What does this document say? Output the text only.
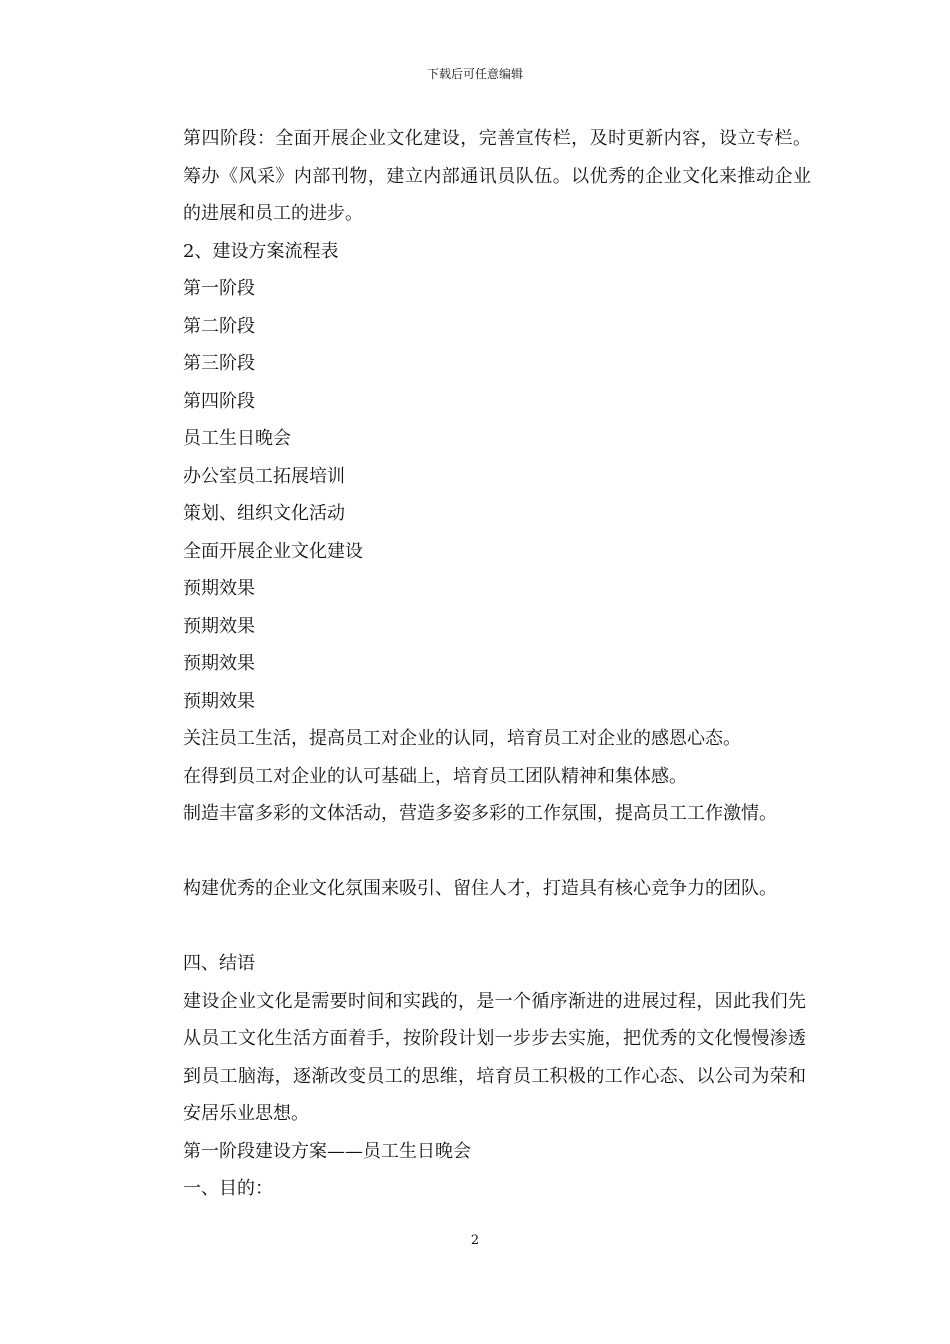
下载后可任意编辑

第四阶段：全面开展企业文化建设，完善宣传栏，及时更新内容，设立专栏。筹办《风采》内部刊物，建立内部通讯员队伍。以优秀的企业文化来推动企业的进展和员工的进步。

2、建设方案流程表

第一阶段

第二阶段

第三阶段

第四阶段

员工生日晚会

办公室员工拓展培训

策划、组织文化活动

全面开展企业文化建设

预期效果

预期效果

预期效果

预期效果

关注员工生活，提高员工对企业的认同，培育员工对企业的感恩心态。

在得到员工对企业的认可基础上，培育员工团队精神和集体感。

制造丰富多彩的文体活动，营造多姿多彩的工作氛围，提高员工工作激情。

构建优秀的企业文化氛围来吸引、留住人才，打造具有核心竞争力的团队。

四、结语

建设企业文化是需要时间和实践的，是一个循序渐进的进展过程，因此我们先从员工文化生活方面着手，按阶段计划一步步去实施，把优秀的文化慢慢渗透到员工脑海，逐渐改变员工的思维，培育员工积极的工作心态、以公司为荣和安居乐业思想。

第一阶段建设方案——员工生日晚会

一、目的：

2
